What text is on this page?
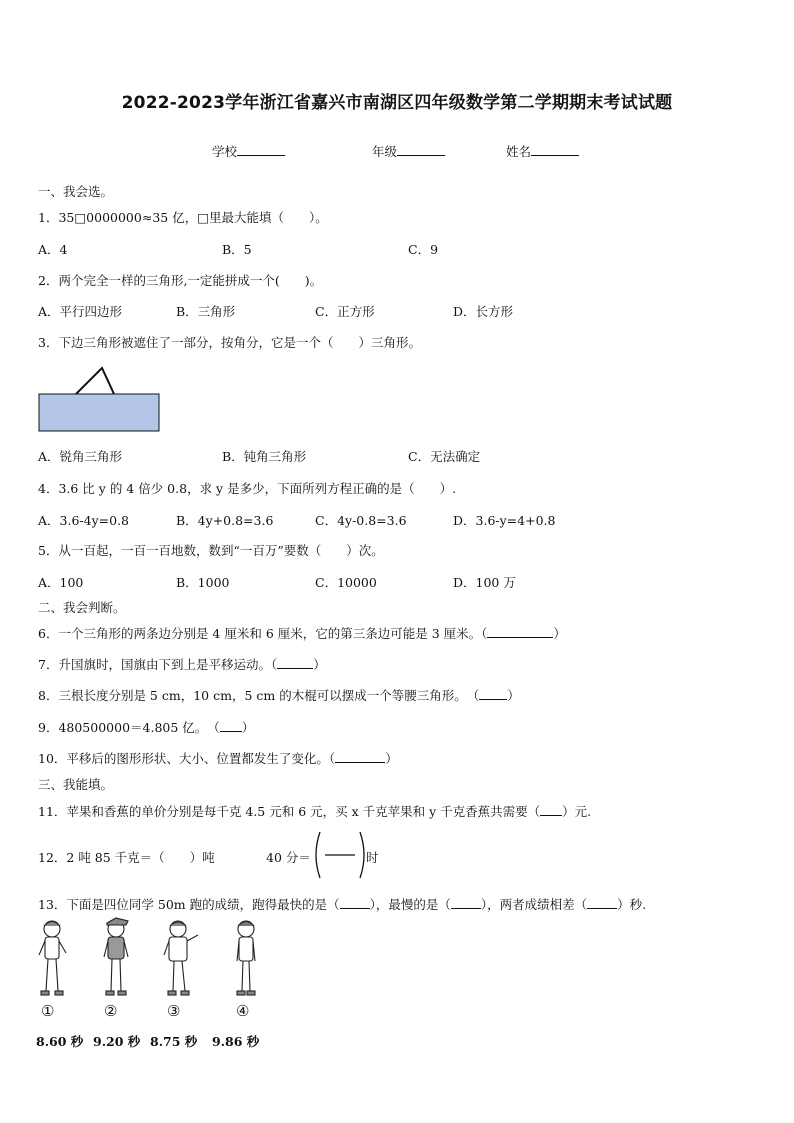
2022-2023学年浙江省嘉兴市南湖区四年级数学第二学期期末考试试题
学校	年级	姓名
一、我会选。
1．35□0000000≈35 亿，□里最大能填（　　）。
A．4	B．5	C．9
2．两个完全一样的三角形,一定能拼成一个(　　)。
A．平行四边形	B．三角形	C．正方形	D．长方形
3．下边三角形被遮住了一部分，按角分，它是一个（　　）三角形。
A．锐角三角形	B．钝角三角形	C．无法确定
4．3.6 比 y 的 4 倍少 0.8，求 y 是多少，下面所列方程正确的是（　　）.
A．3.6-4y=0.8	B．4y+0.8=3.6	C．4y-0.8=3.6	D．3.6-y=4+0.8
5．从一百起，一百一百地数，数到“一百万”要数（　　）次。
A．100	B．1000	C．10000	D．100 万
二、我会判断。
6．一个三角形的两条边分别是 4 厘米和 6 厘米，它的第三条边可能是 3 厘米。（	）
7．升国旗时，国旗由下到上是平移运动。（	）
8．三根长度分别是 5 cm，10 cm，5 cm 的木棍可以摆成一个等腰三角形。　（ ）
9．480500000＝4.805 亿。　（ ）
10．平移后的图形形状、大小、位置都发生了变化。（	）
三、我能填。
11．苹果和香蕉的单价分别是每千克 4.5 元和 6 元，买 x 千克苹果和 y 千克香蕉共需要（ ）元.
12．2 吨 85 千克＝（　　）吨	40 分＝	时
13．下面是四位同学 50m 跑的成绩，跑得最快的是（ ），最慢的是（ ），两者成绩相差（ ）秒.
①	②	③	④
8.60 秒 9.20 秒 8.75 秒 9.86 秒
